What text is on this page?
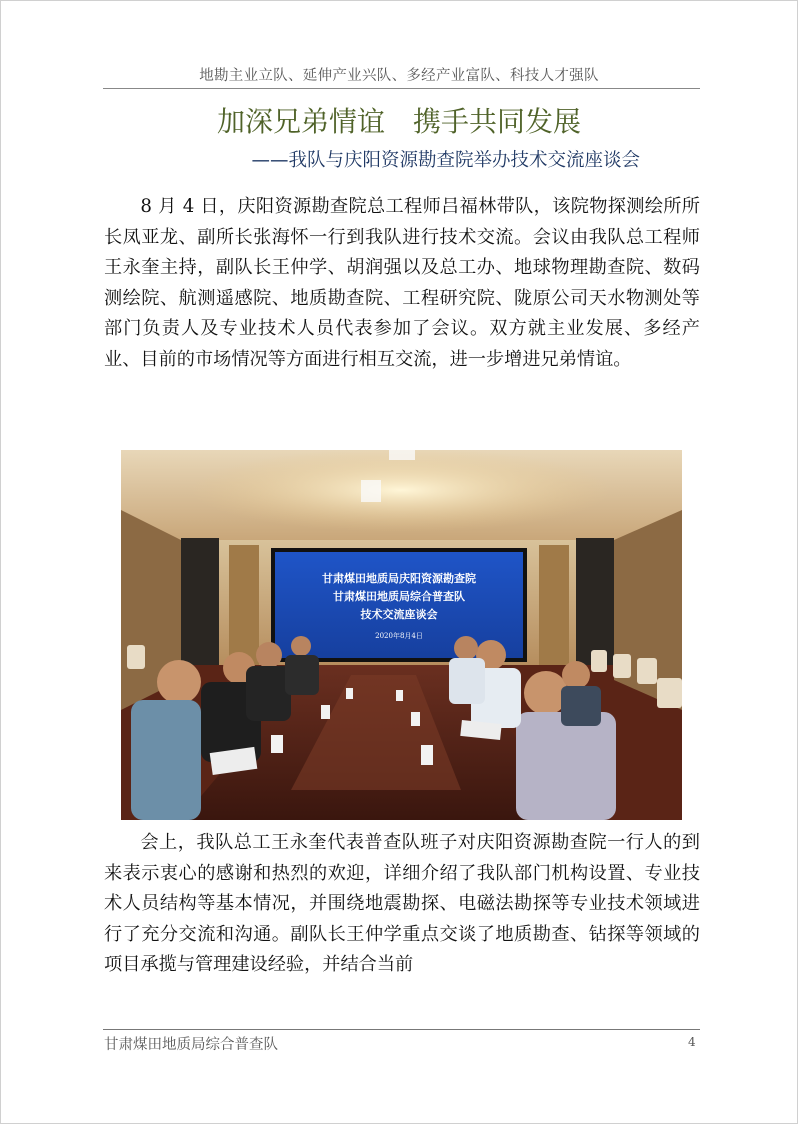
地勘主业立队、延伸产业兴队、多经产业富队、科技人才强队
加深兄弟情谊　携手共同发展
——我队与庆阳资源勘查院举办技术交流座谈会

8 月 4 日，庆阳资源勘查院总工程师吕福林带队，该院物探测绘所所长凤亚龙、副所长张海怀一行到我队进行技术交流。会议由我队总工程师王永奎主持，副队长王仲学、胡润强以及总工办、地球物理勘查院、数码测绘院、航测遥感院、地质勘查院、工程研究院、陇原公司天水物测处等部门负责人及专业技术人员代表参加了会议。双方就主业发展、多经产业、目前的市场情况等方面进行相互交流，进一步增进兄弟情谊。

甘肃煤田地质局庆阳资源勘查院
甘肃煤田地质局综合普查队
技术交流座谈会
2020年8月4日

会上，我队总工王永奎代表普查队班子对庆阳资源勘查院一行人的到来表示衷心的感谢和热烈的欢迎，详细介绍了我队部门机构设置、专业技术人员结构等基本情况，并围绕地震勘探、电磁法勘探等专业技术领域进行了充分交流和沟通。副队长王仲学重点交谈了地质勘查、钻探等领域的项目承揽与管理建设经验，并结合当前

甘肃煤田地质局综合普查队	4
